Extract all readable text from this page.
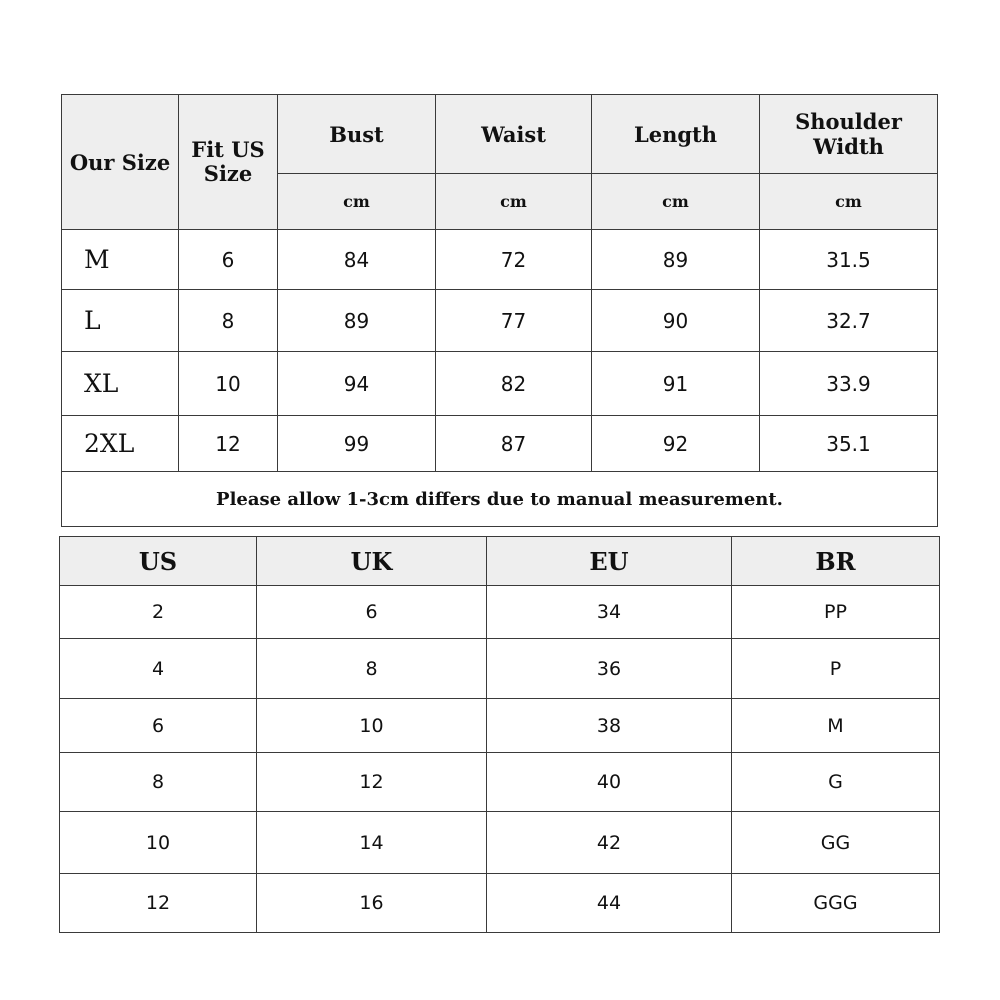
Our Size	Fit US Size	Bust	Waist	Length	Shoulder Width
		cm	cm	cm	cm
M	6	84	72	89	31.5
L	8	89	77	90	32.7
XL	10	94	82	91	33.9
2XL	12	99	87	92	35.1
Please allow 1-3cm differs due to manual measurement.					
US	UK	EU	BR
2	6	34	PP
4	8	36	P
6	10	38	M
8	12	40	G
10	14	42	GG
12	16	44	GGG
